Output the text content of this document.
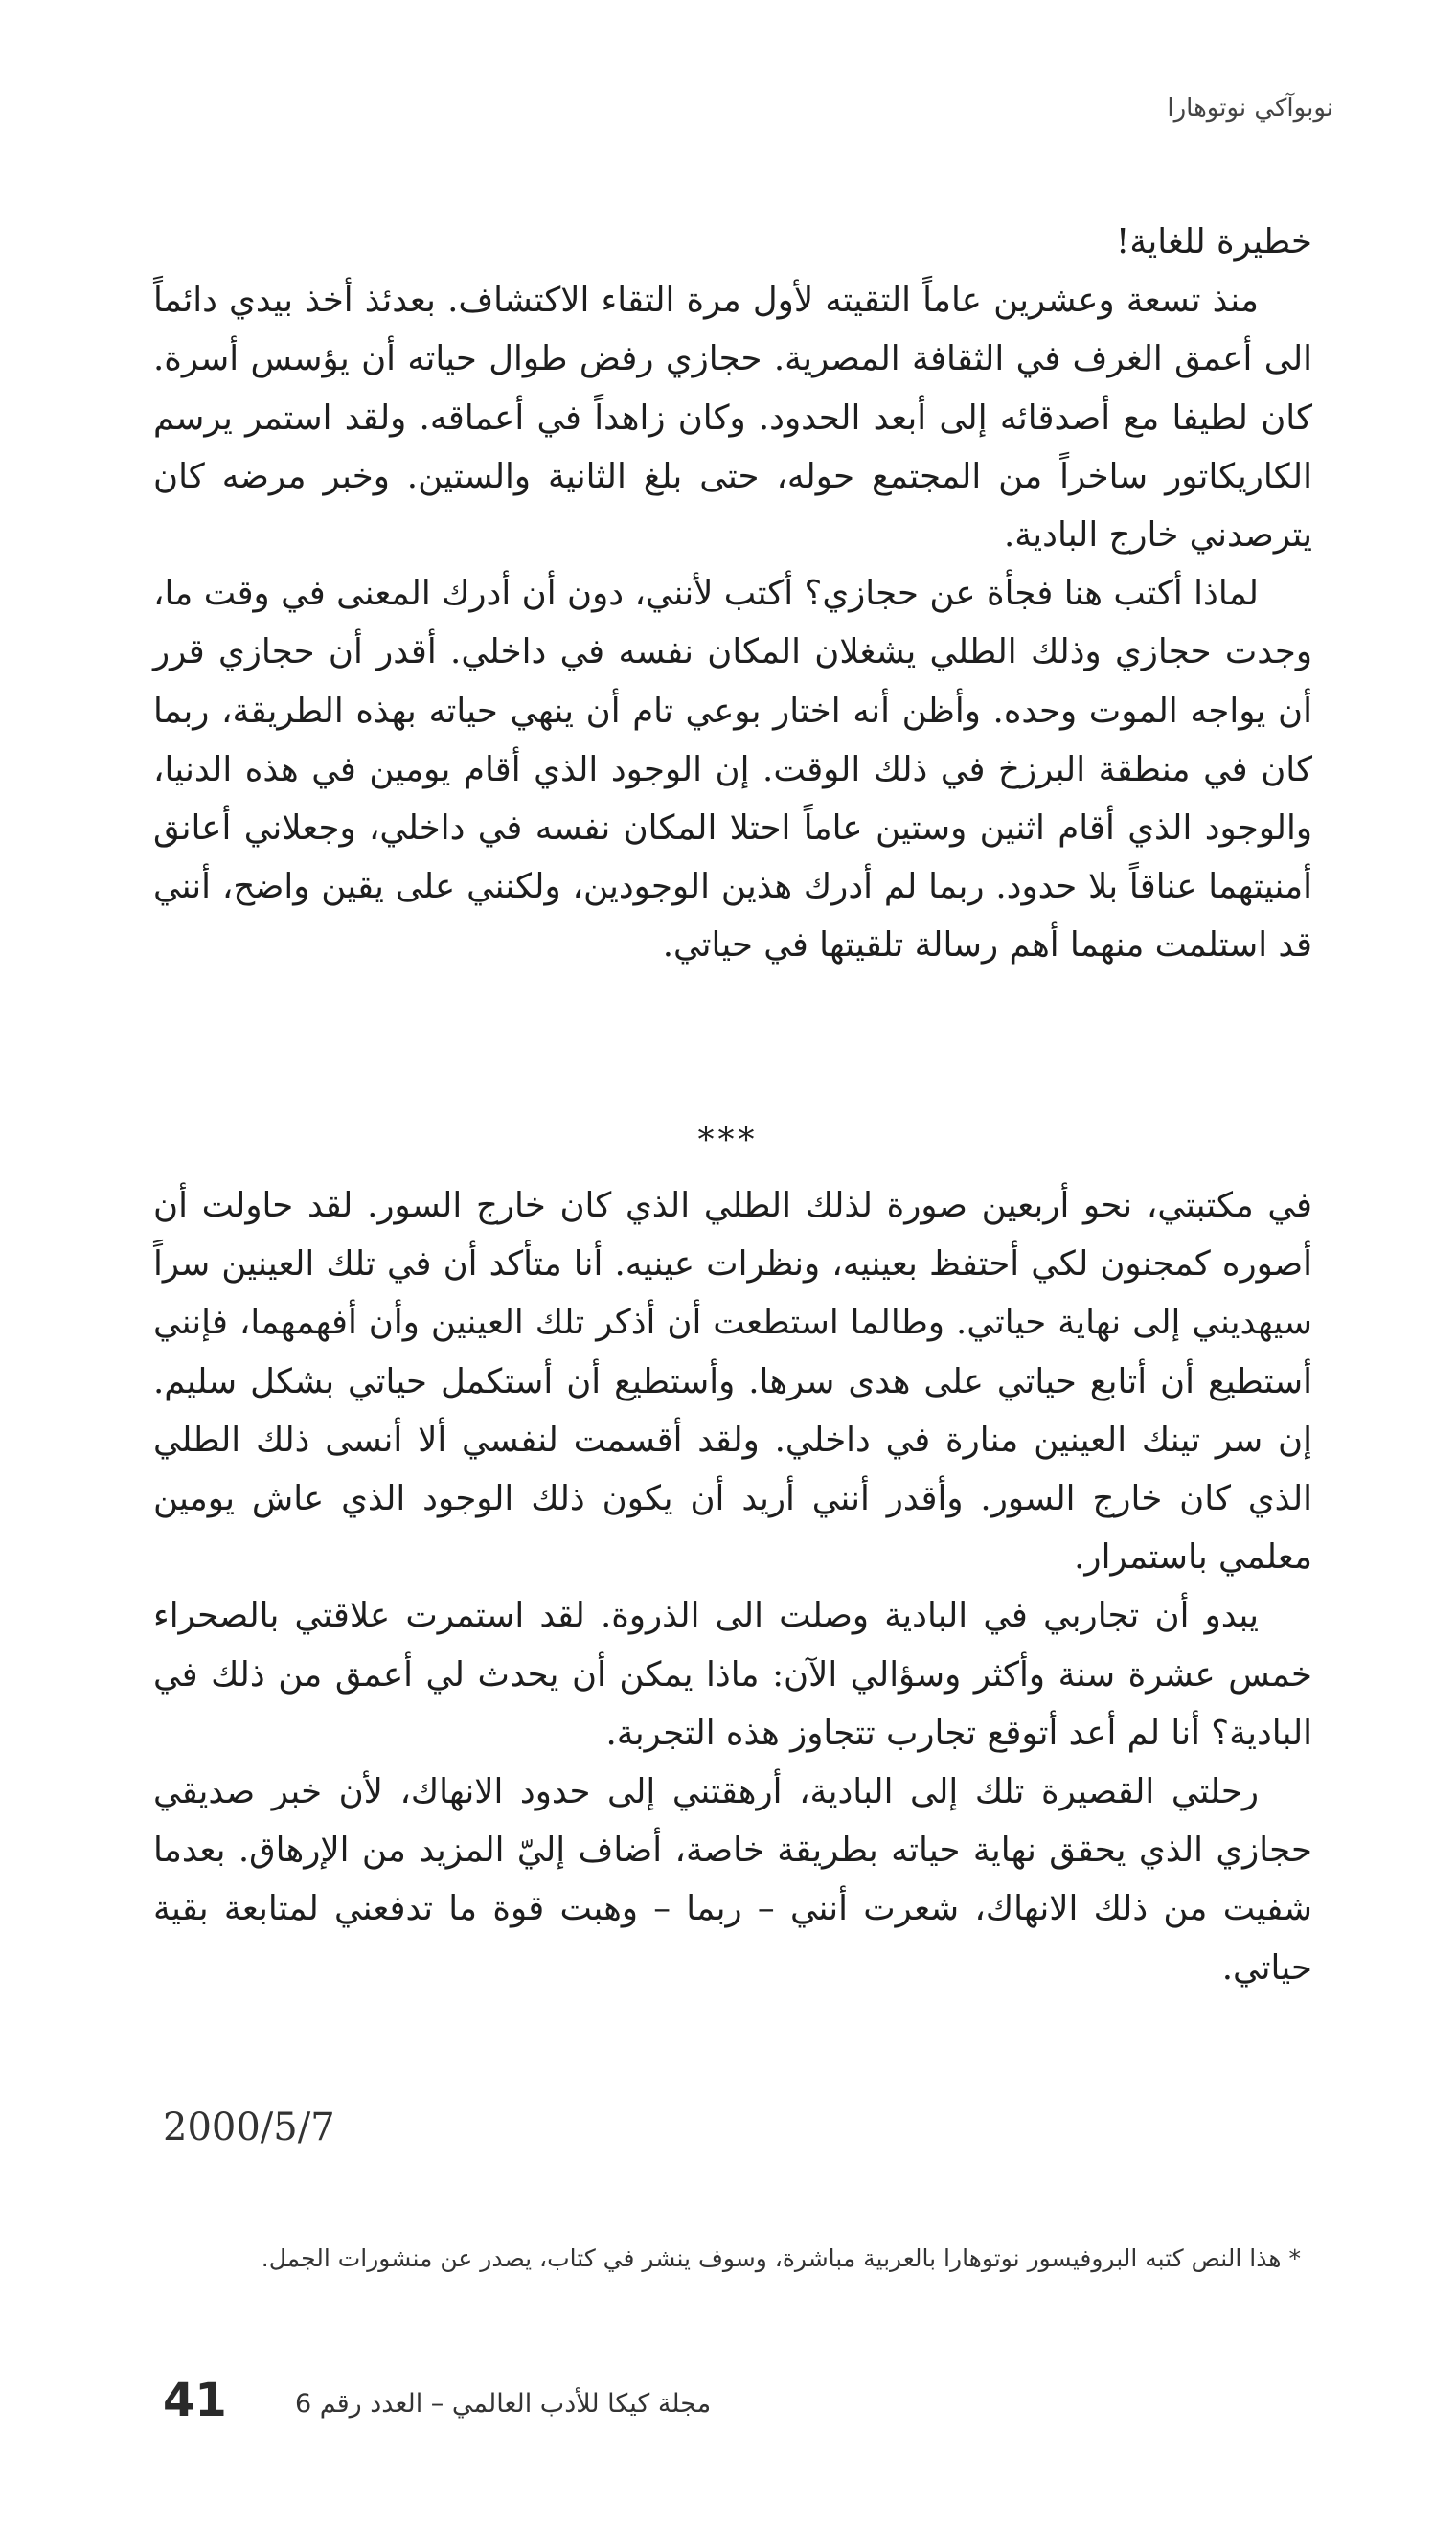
نوبوآكي نوتوهارا

خطيرة للغاية!

منذ تسعة وعشرين عاماً التقيته لأول مرة التقاء الاكتشاف. بعدئذ أخذ بيدي دائماً الى أعمق الغرف في الثقافة المصرية. حجازي رفض طوال حياته أن يؤسس أسرة. كان لطيفا مع أصدقائه إلى أبعد الحدود. وكان زاهداً في أعماقه. ولقد استمر يرسم الكاريكاتور ساخراً من المجتمع حوله، حتى بلغ الثانية والستين. وخبر مرضه كان يترصدني خارج البادية.

لماذا أكتب هنا فجأة عن حجازي؟ أكتب لأنني، دون أن أدرك المعنى في وقت ما، وجدت حجازي وذلك الطلي يشغلان المكان نفسه في داخلي. أقدر أن حجازي قرر أن يواجه الموت وحده. وأظن أنه اختار بوعي تام أن ينهي حياته بهذه الطريقة، ربما كان في منطقة البرزخ في ذلك الوقت. إن الوجود الذي أقام يومين في هذه الدنيا، والوجود الذي أقام اثنين وستين عاماً احتلا المكان نفسه في داخلي، وجعلاني أعانق أمنيتهما عناقاً بلا حدود. ربما لم أدرك هذين الوجودين، ولكنني على يقين واضح، أنني قد استلمت منهما أهم رسالة تلقيتها في حياتي.

***

في مكتبتي، نحو أربعين صورة لذلك الطلي الذي كان خارج السور. لقد حاولت أن أصوره كمجنون لكي أحتفظ بعينيه، ونظرات عينيه. أنا متأكد أن في تلك العينين سراً سيهديني إلى نهاية حياتي. وطالما استطعت أن أذكر تلك العينين وأن أفهمهما، فإنني أستطيع أن أتابع حياتي على هدى سرها. وأستطيع أن أستكمل حياتي بشكل سليم. إن سر تينك العينين منارة في داخلي. ولقد أقسمت لنفسي ألا أنسى ذلك الطلي الذي كان خارج السور. وأقدر أنني أريد أن يكون ذلك الوجود الذي عاش يومين معلمي باستمرار.

يبدو أن تجاربي في البادية وصلت الى الذروة. لقد استمرت علاقتي بالصحراء خمس عشرة سنة وأكثر وسؤالي الآن: ماذا يمكن أن يحدث لي أعمق من ذلك في البادية؟ أنا لم أعد أتوقع تجارب تتجاوز هذه التجربة.

رحلتي القصيرة تلك إلى البادية، أرهقتني إلى حدود الانهاك، لأن خبر صديقي حجازي الذي يحقق نهاية حياته بطريقة خاصة، أضاف إليّ المزيد من الإرهاق. بعدما شفيت من ذلك الانهاك، شعرت أنني – ربما – وهبت قوة ما تدفعني لمتابعة بقية حياتي.

2000/5/7
* هذا النص كتبه البروفيسور نوتوهارا بالعربية مباشرة، وسوف ينشر في كتاب، يصدر عن منشورات الجمل.
41	مجلة كيكا للأدب العالمي – العدد رقم 6
